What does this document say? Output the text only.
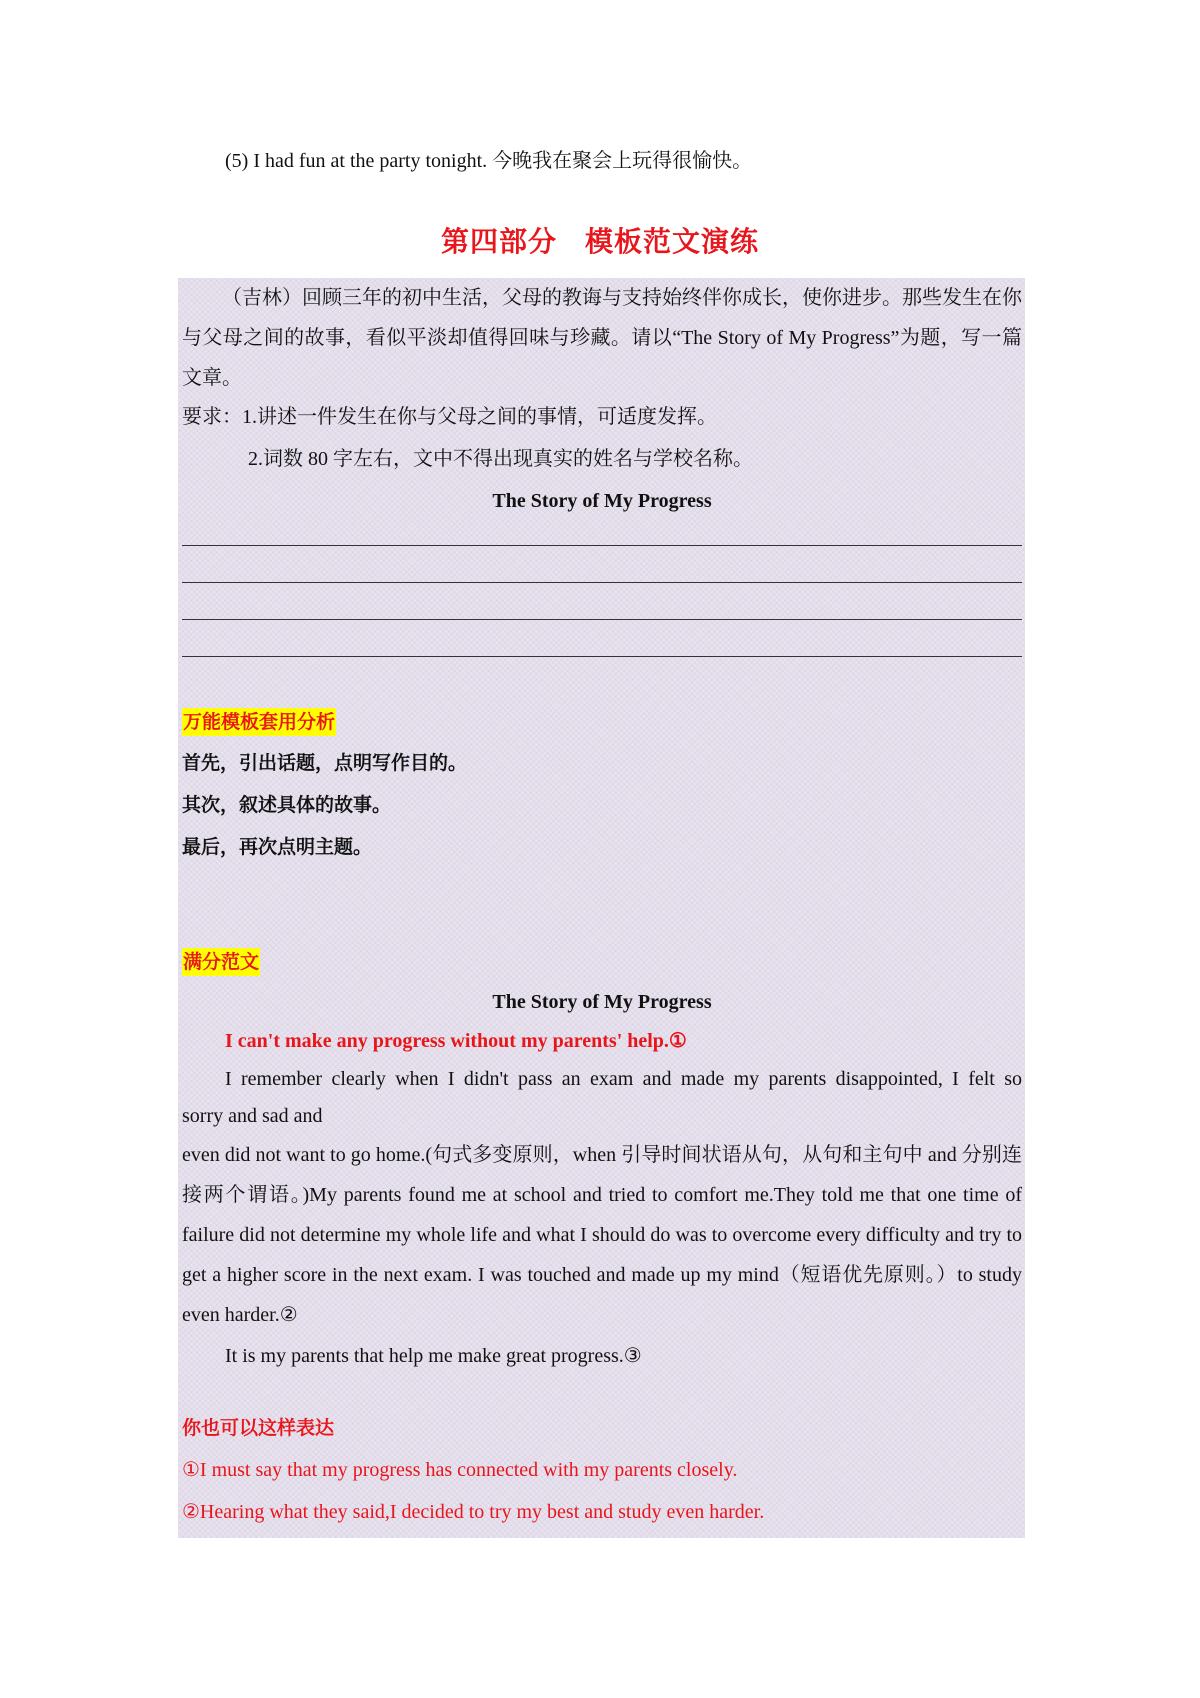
(5) I had fun at the party tonight. 今晚我在聚会上玩得很愉快。
第四部分 模板范文演练
（吉林）回顾三年的初中生活，父母的教诲与支持始终伴你成长，使你进步。那些发生在你与父母之间的故事，看似平淡却值得回味与珍藏。请以“The Story of My Progress”为题，写一篇文章。
要求：1.讲述一件发生在你与父母之间的事情，可适度发挥。
2.词数 80 字左右，文中不得出现真实的姓名与学校名称。
The Story of My Progress
万能模板套用分析
首先，引出话题，点明写作目的。
其次，叙述具体的故事。
最后，再次点明主题。
满分范文
The Story of My Progress
I can't make any progress without my parents' help.①
I remember clearly when I didn't pass an exam and made my parents disappointed, I felt so
sorry and sad and
even did not want to go home.(句式多变原则，when 引导时间状语从句，从句和主句中 and 分别连接两个谓语。)My parents found me at school and tried to comfort me.They told me that one time of failure did not determine my whole life and what I should do was to overcome every difficulty and try to get a higher score in the next exam. I was touched and made up my mind（短语优先原则。）to study even harder.②
It is my parents that help me make great progress.③
你也可以这样表达
①I must say that my progress has connected with my parents closely.
②Hearing what they said,I decided to try my best and study even harder.
